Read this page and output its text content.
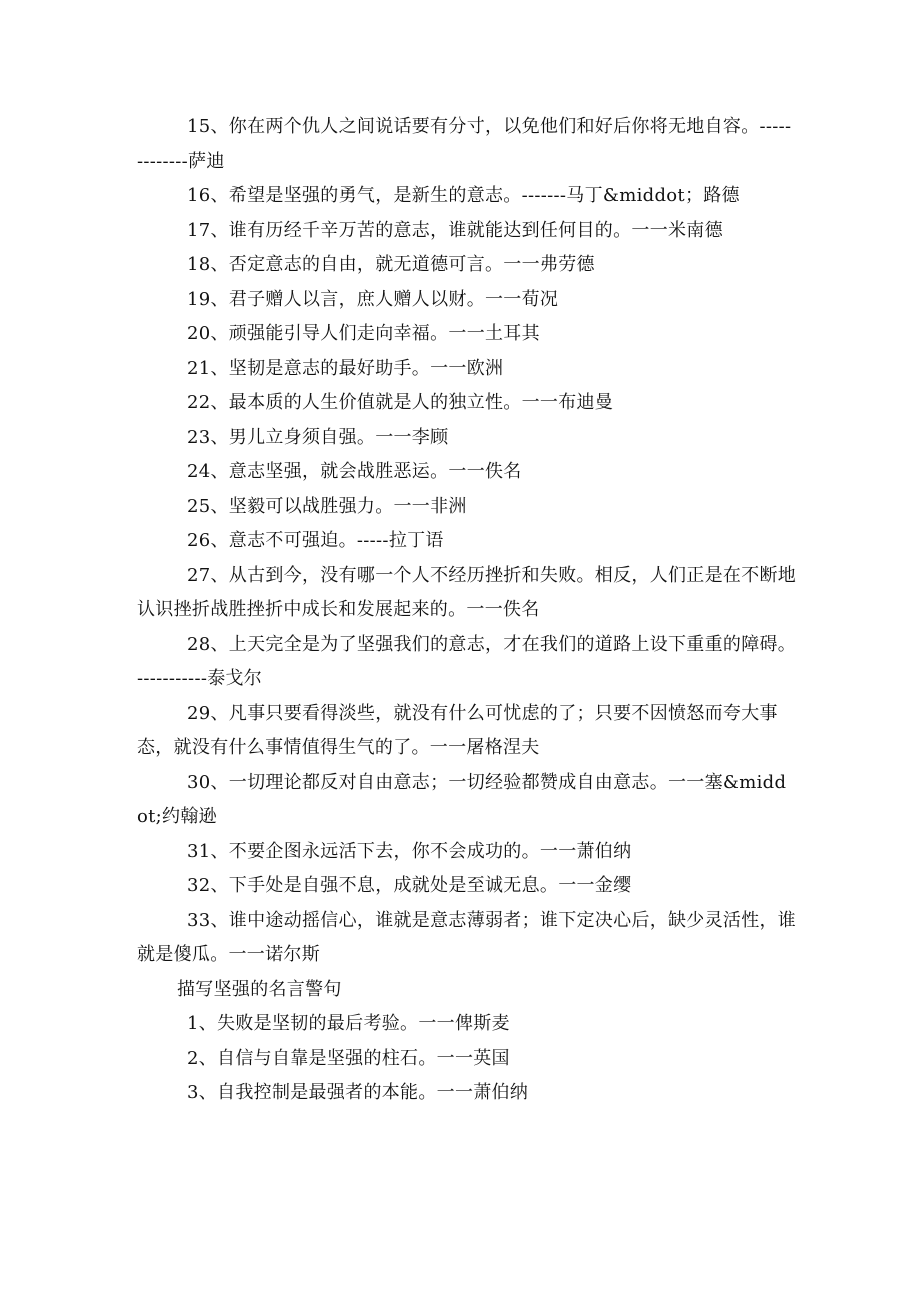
15、你在两个仇人之间说话要有分寸，以免他们和好后你将无地自容。-------------萨迪

16、希望是坚强的勇气，是新生的意志。-------马丁&middot；路德

17、谁有历经千辛万苦的意志，谁就能达到任何目的。一一米南德

18、否定意志的自由，就无道德可言。一一弗劳德

19、君子赠人以言，庶人赠人以财。一一荀况

20、顽强能引导人们走向幸福。一一土耳其

21、坚韧是意志的最好助手。一一欧洲

22、最本质的人生价值就是人的独立性。一一布迪曼

23、男儿立身须自强。一一李顾

24、意志坚强，就会战胜恶运。一一佚名

25、坚毅可以战胜强力。一一非洲

26、意志不可强迫。-----拉丁语

27、从古到今，没有哪一个人不经历挫折和失败。相反，人们正是在不断地认识挫折战胜挫折中成长和发展起来的。一一佚名

28、上天完全是为了坚强我们的意志，才在我们的道路上设下重重的障碍。 -----------泰戈尔

29、凡事只要看得淡些，就没有什么可忧虑的了；只要不因愤怒而夸大事态，就没有什么事情值得生气的了。一一屠格涅夫

30、一切理论都反对自由意志；一切经验都赞成自由意志。一一塞&middot;约翰逊

31、不要企图永远活下去，你不会成功的。一一萧伯纳

32、下手处是自强不息，成就处是至诚无息。一一金缨

33、谁中途动摇信心，谁就是意志薄弱者；谁下定决心后，缺少灵活性，谁就是傻瓜。一一诺尔斯

描写坚强的名言警句

1、失败是坚韧的最后考验。一一俾斯麦

2、自信与自靠是坚强的柱石。一一英国

3、自我控制是最强者的本能。一一萧伯纳
